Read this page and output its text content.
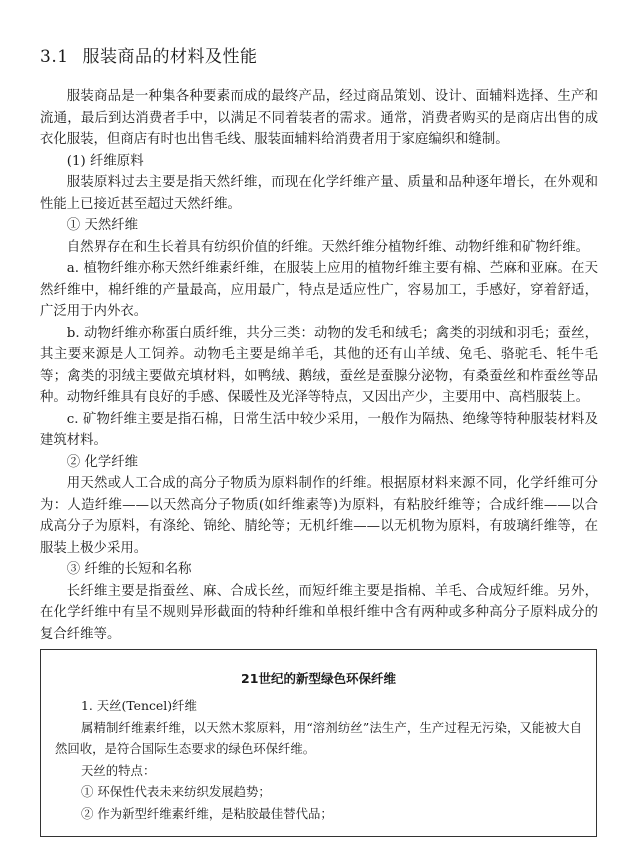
3.1 服装商品的材料及性能

服装商品是一种集各种要素而成的最终产品，经过商品策划、设计、面辅料选择、生产和流通，最后到达消费者手中，以满足不同着装者的需求。通常，消费者购买的是商店出售的成衣化服装，但商店有时也出售毛线、服装面辅料给消费者用于家庭编织和缝制。

(1) 纤维原料

服装原料过去主要是指天然纤维，而现在化学纤维产量、质量和品种逐年增长，在外观和性能上已接近甚至超过天然纤维。

① 天然纤维

自然界存在和生长着具有纺织价值的纤维。天然纤维分植物纤维、动物纤维和矿物纤维。

a. 植物纤维亦称天然纤维素纤维，在服装上应用的植物纤维主要有棉、苎麻和亚麻。在天然纤维中，棉纤维的产量最高，应用最广，特点是适应性广，容易加工，手感好，穿着舒适，广泛用于内外衣。

b. 动物纤维亦称蛋白质纤维，共分三类：动物的发毛和绒毛；禽类的羽绒和羽毛；蚕丝，其主要来源是人工饲养。动物毛主要是绵羊毛，其他的还有山羊绒、兔毛、骆驼毛、牦牛毛等；禽类的羽绒主要做充填材料，如鸭绒、鹅绒，蚕丝是蚕腺分泌物，有桑蚕丝和柞蚕丝等品种。动物纤维具有良好的手感、保暖性及光泽等特点，又因出产少，主要用中、高档服装上。

c. 矿物纤维主要是指石棉，日常生活中较少采用，一般作为隔热、绝缘等特种服装材料及建筑材料。

② 化学纤维

用天然或人工合成的高分子物质为原料制作的纤维。根据原材料来源不同，化学纤维可分为：人造纤维——以天然高分子物质(如纤维素等)为原料，有粘胶纤维等；合成纤维——以合成高分子为原料，有涤纶、锦纶、腈纶等；无机纤维——以无机物为原料，有玻璃纤维等，在服装上极少采用。

③ 纤维的长短和名称

长纤维主要是指蚕丝、麻、合成长丝，而短纤维主要是指棉、羊毛、合成短纤维。另外，在化学纤维中有呈不规则异形截面的特种纤维和单根纤维中含有两种或多种高分子原料成分的复合纤维等。

21世纪的新型绿色环保纤维

1. 天丝(Tencel)纤维

属精制纤维素纤维，以天然木浆原料，用“溶剂纺丝”法生产，生产过程无污染，又能被大自然回收，是符合国际生态要求的绿色环保纤维。

天丝的特点：

① 环保性代表未来纺织发展趋势；

② 作为新型纤维素纤维，是粘胶最佳替代品；
